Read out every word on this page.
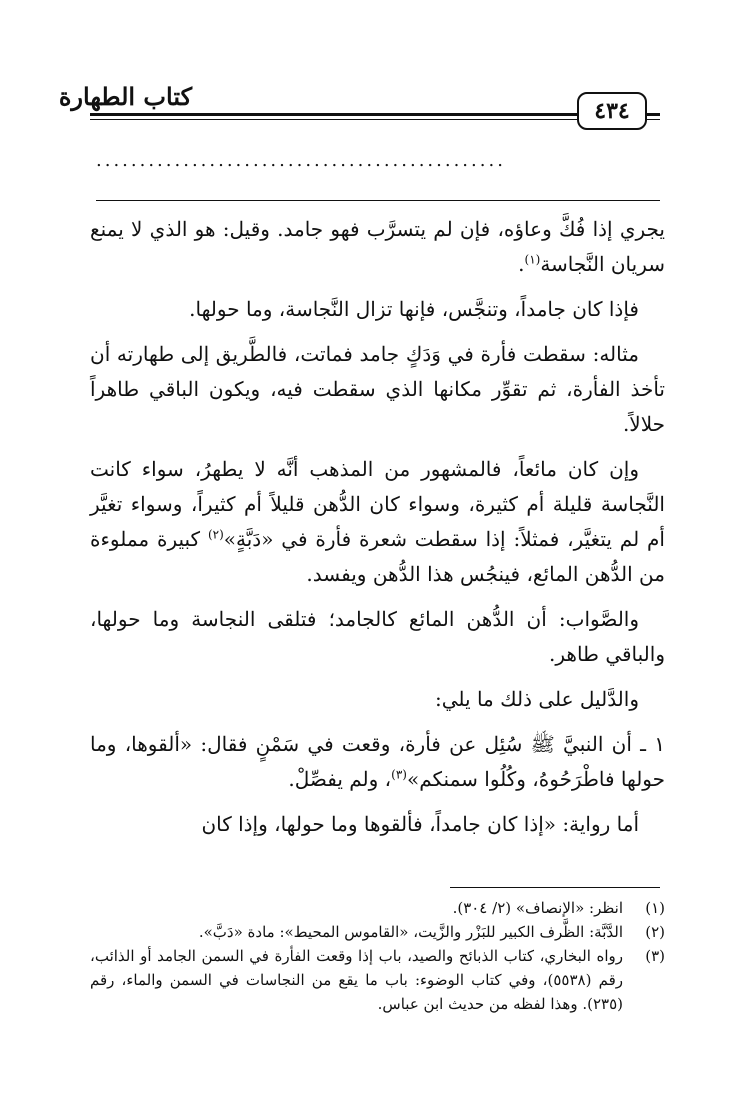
كتاب الطهارة	٤٣٤
...............................................

يجري إذا فُكَّ وعاؤه، فإن لم يتسرَّب فهو جامد. وقيل: هو الذي لا يمنع سريان النَّجاسة$^{(١)}$.

فإذا كان جامداً، وتنجَّس، فإنها تزال النَّجاسة، وما حولها.

مثاله: سقطت فأرة في وَدَكٍ جامد فماتت، فالطَّريق إلى طهارته أن تأخذ الفأرة، ثم تقوِّر مكانها الذي سقطت فيه، ويكون الباقي طاهراً حلالاً.

وإن كان مائعاً، فالمشهور من المذهب أنَّه لا يطهرُ، سواء كانت النَّجاسة قليلة أم كثيرة، وسواء كان الدُّهن قليلاً أم كثيراً، وسواء تغيَّر أم لم يتغيَّر، فمثلاً: إذا سقطت شعرة فأرة في «دَبَّةٍ»$^{(٢)}$ كبيرة مملوءة من الدُّهن المائع، فينجُس هذا الدُّهن ويفسد.

والصَّواب: أن الدُّهن المائع كالجامد؛ فتلقى النجاسة وما حولها، والباقي طاهر.

والدَّليل على ذلك ما يلي:

١ ـ أن النبيَّ ﷺ سُئِل عن فأرة، وقعت في سَمْنٍ فقال: «ألقوها، وما حولها فاطْرَحُوهُ، وكُلُوا سمنكم»$^{(٣)}$، ولم يفصِّلْ.

أما رواية: «إذا كان جامداً، فألقوها وما حولها، وإذا كان

(١)
انظر: «الإنصاف» (٢/ ٣٠٤).
(٢)
الدَّبَّة: الظَّرف الكبير للبَزْر والزَّيت، «القاموس المحيط»: مادة «دَبَّ».
(٣)
رواه البخاري، كتاب الذبائح والصيد، باب إذا وقعت الفأرة في السمن الجامد أو الذائب، رقم (٥٥٣٨)، وفي كتاب الوضوء: باب ما يقع من النجاسات في السمن والماء، رقم (٢٣٥). وهذا لفظه من حديث ابن عباس.
